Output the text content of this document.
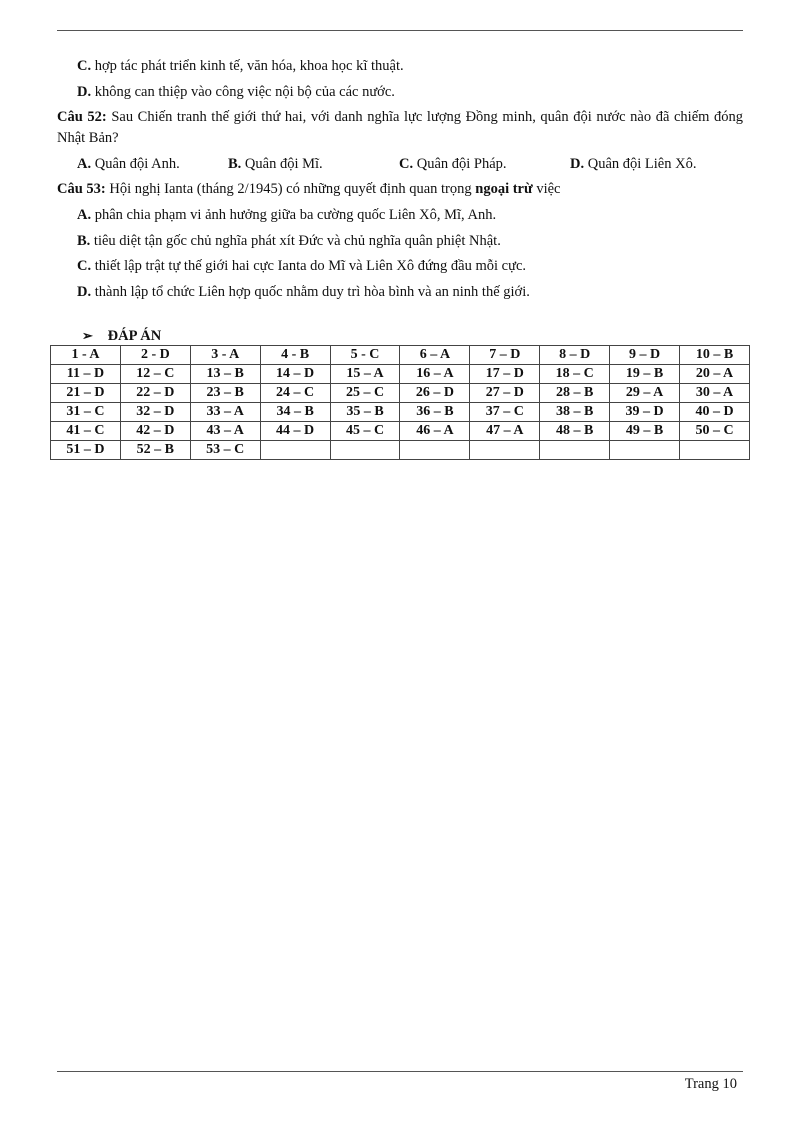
C. hợp tác phát triển kinh tế, văn hóa, khoa học kĩ thuật.
D. không can thiệp vào công việc nội bộ của các nước.
Câu 52: Sau Chiến tranh thế giới thứ hai, với danh nghĩa lực lượng Đồng minh, quân đội nước nào đã chiếm đóng Nhật Bản?
A. Quân đội Anh.	B. Quân đội Mĩ.	C. Quân đội Pháp.	D. Quân đội Liên Xô.
Câu 53: Hội nghị Ianta (tháng 2/1945) có những quyết định quan trọng ngoại trừ việc
A. phân chia phạm vi ảnh hưởng giữa ba cường quốc Liên Xô, Mĩ, Anh.
B. tiêu diệt tận gốc chủ nghĩa phát xít Đức và chủ nghĩa quân phiệt Nhật.
C. thiết lập trật tự thế giới hai cực Ianta do Mĩ và Liên Xô đứng đầu mỗi cực.
D. thành lập tổ chức Liên hợp quốc nhằm duy trì hòa bình và an ninh thế giới.
➢ ĐÁP ÁN
1 - A	2 - D	3 - A	4 - B	5 - C	6 – A	7 – D	8 – D	9 – D	10 – B
11 – D	12 – C	13 – B	14 – D	15 – A	16 – A	17 – D	18 – C	19 – B	20 – A
21 – D	22 – D	23 – B	24 – C	25 – C	26 – D	27 – D	28 – B	29 – A	30 – A
31 – C	32 – D	33 – A	34 – B	35 – B	36 – B	37 – C	38 – B	39 – D	40 – D
41 – C	42 – D	43 – A	44 – D	45 – C	46 – A	47 – A	48 – B	49 – B	50 – C
51 – D	52 – B	53 – C							
Trang 10
